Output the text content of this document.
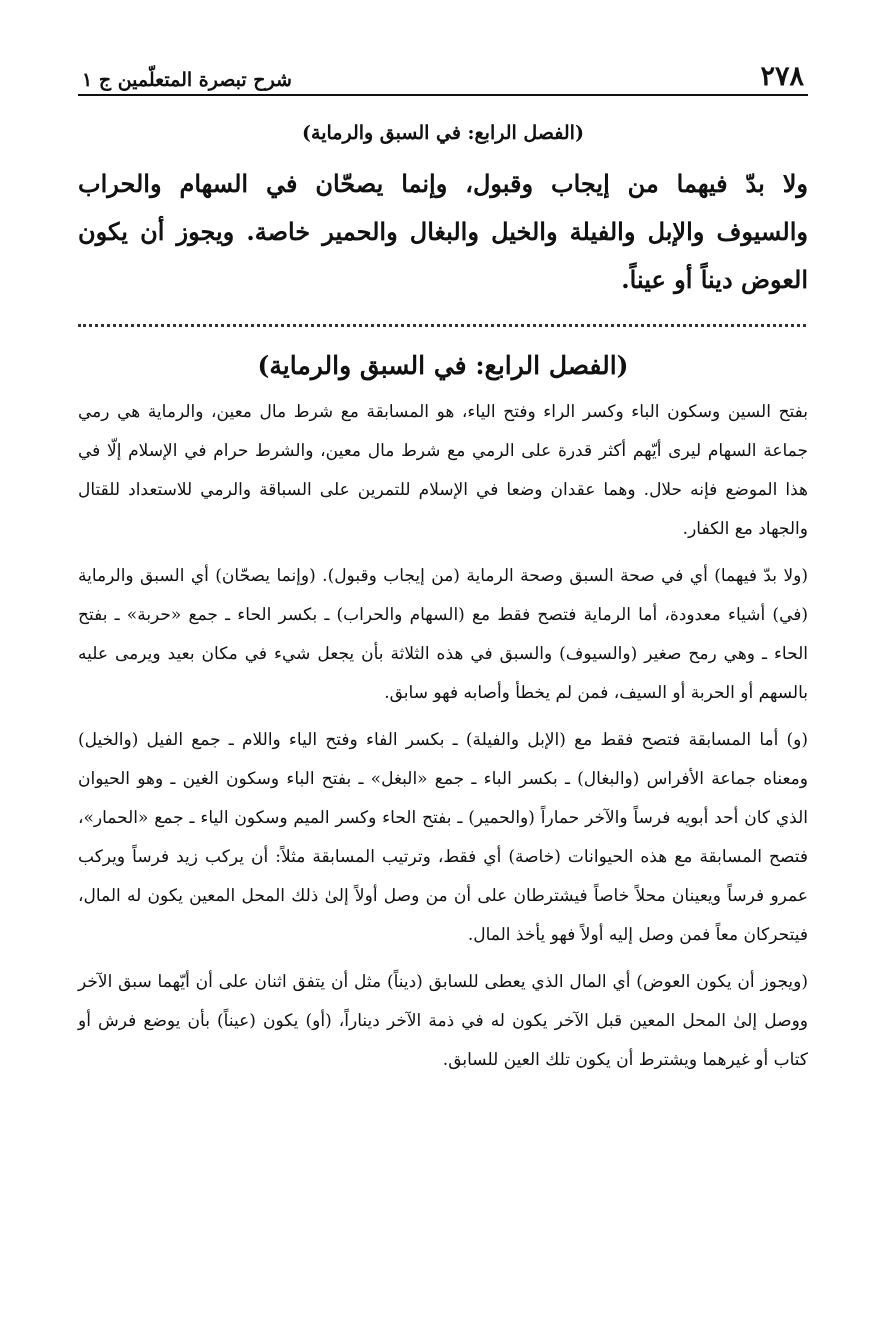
٢٧٨
شرح تبصرة المتعلّمين ج ١
(الفصل الرابع: في السبق والرماية)
ولا بدّ فيهما من إيجاب وقبول، وإنما يصحّان في السهام والحراب والسيوف والإبل والفيلة والخيل والبغال والحمير خاصة. ويجوز أن يكون العوض ديناً أو عيناً.
(الفصل الرابع: في السبق والرماية)

بفتح السين وسكون الباء وكسر الراء وفتح الياء، هو المسابقة مع شرط مال معين، والرماية هي رمي جماعة السهام ليرى أيّهم أكثر قدرة على الرمي مع شرط مال معين، والشرط حرام في الإسلام إلّا في هذا الموضع فإنه حلال. وهما عقدان وضعا في الإسلام للتمرين على السباقة والرمي للاستعداد للقتال والجهاد مع الكفار.

(ولا بدّ فيهما) أي في صحة السبق وصحة الرماية (من إيجاب وقبول). (وإنما يصحّان) أي السبق والرماية (في) أشياء معدودة، أما الرماية فتصح فقط مع (السهام والحراب) ـ بكسر الحاء ـ جمع «حربة» ـ بفتح الحاء ـ وهي رمح صغير (والسيوف) والسبق في هذه الثلاثة بأن يجعل شيء في مكان بعيد ويرمى عليه بالسهم أو الحربة أو السيف، فمن لم يخطأ وأصابه فهو سابق.

(و) أما المسابقة فتصح فقط مع (الإبل والفيلة) ـ بكسر الفاء وفتح الياء واللام ـ جمع الفيل (والخيل) ومعناه جماعة الأفراس (والبغال) ـ بكسر الباء ـ جمع «البغل» ـ بفتح الباء وسكون الغين ـ وهو الحيوان الذي كان أحد أبويه فرساً والآخر حماراً (والحمير) ـ بفتح الحاء وكسر الميم وسكون الياء ـ جمع «الحمار»، فتصح المسابقة مع هذه الحيوانات (خاصة) أي فقط، وترتيب المسابقة مثلاً: أن يركب زيد فرساً ويركب عمرو فرساً ويعينان محلاً خاصاً فيشترطان على أن من وصل أولاً إلىٰ ذلك المحل المعين يكون له المال، فيتحركان معاً فمن وصل إليه أولاً فهو يأخذ المال.

(ويجوز أن يكون العوض) أي المال الذي يعطى للسابق (ديناً) مثل أن يتفق اثنان على أن أيّهما سبق الآخر ووصل إلىٰ المحل المعين قبل الآخر يكون له في ذمة الآخر ديناراً، (أو) يكون (عيناً) بأن يوضع فرش أو كتاب أو غيرهما ويشترط أن يكون تلك العين للسابق.
